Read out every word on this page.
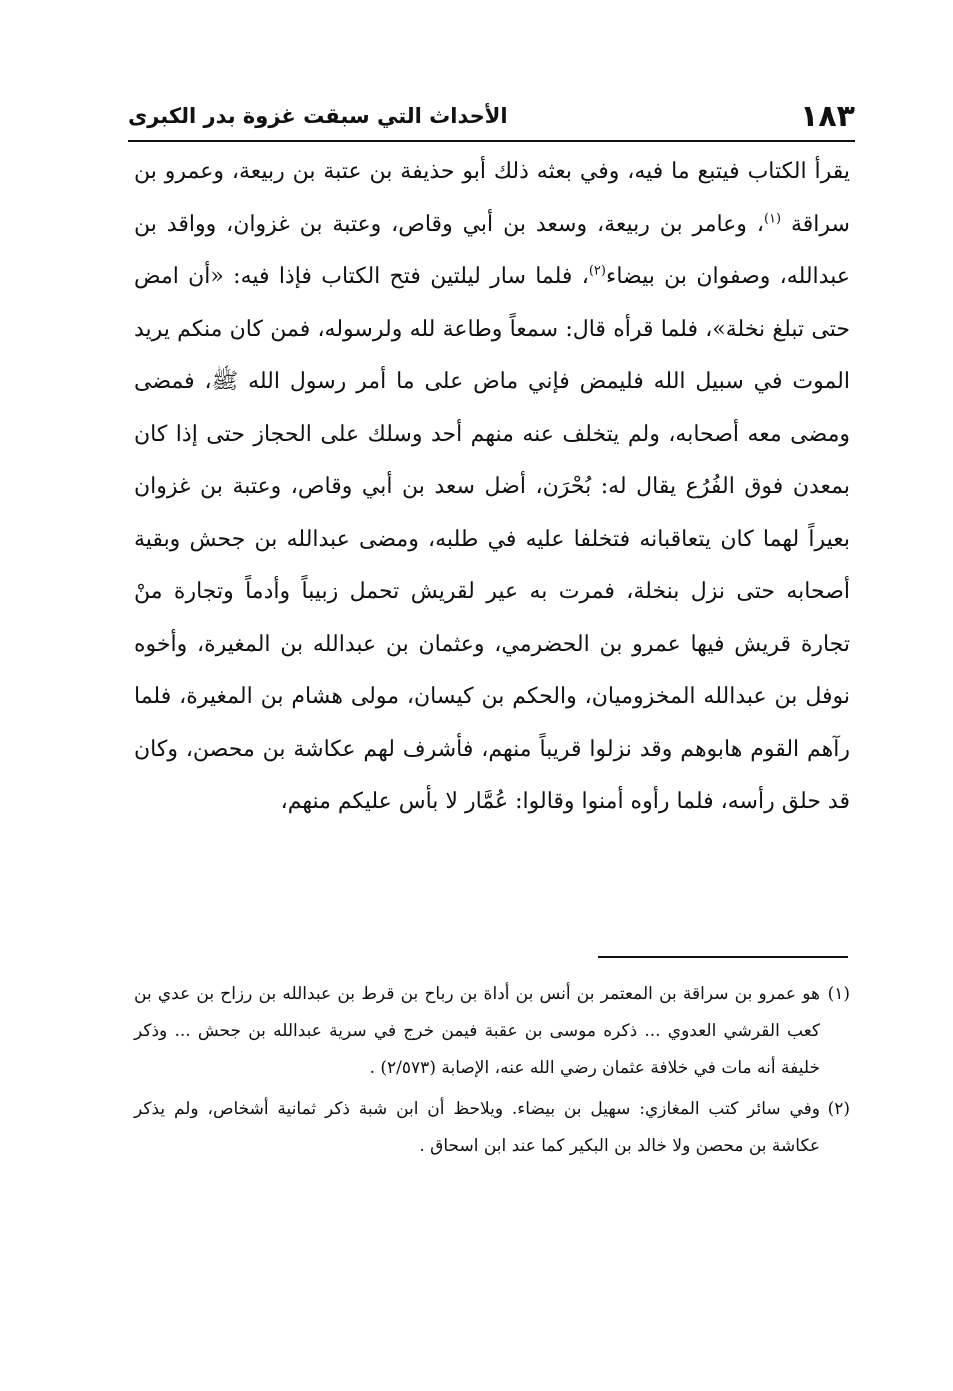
١٨٣
الأحداث التي سبقت غزوة بدر الكبرى

يقرأ الكتاب فيتبع ما فيه، وفي بعثه ذلك أبو حذيفة بن عتبة بن ربيعة، وعمرو بن سراقة $^{(١)}$، وعامر بن ربيعة، وسعد بن أبي وقاص، وعتبة بن غزوان، وواقد بن عبدالله، وصفوان بن بيضاء$^{(٢)}$، فلما سار ليلتين فتح الكتاب فإذا فيه: «أن امض حتى تبلغ نخلة»، فلما قرأه قال: سمعاً وطاعة لله ولرسوله، فمن كان منكم يريد الموت في سبيل الله فليمض فإني ماض على ما أمر رسول الله ﷺ، فمضى ومضى معه أصحابه، ولم يتخلف عنه منهم أحد وسلك على الحجاز حتى إذا كان بمعدن فوق الفُرُع يقال له: بُحْرَن، أضل سعد بن أبي وقاص، وعتبة بن غزوان بعيراً لهما كان يتعاقبانه فتخلفا عليه في طلبه، ومضى عبدالله بن جحش وبقية أصحابه حتى نزل بنخلة، فمرت به عير لقريش تحمل زبيباً وأدماً وتجارة منْ تجارة قريش فيها عمرو بن الحضرمي، وعثمان بن عبدالله بن المغيرة، وأخوه نوفل بن عبدالله المخزوميان، والحكم بن كيسان، مولى هشام بن المغيرة، فلما رآهم القوم هابوهم وقد نزلوا قريباً منهم، فأشرف لهم عكاشة بن محصن، وكان قد حلق رأسه، فلما رأوه أمنوا وقالوا: عُمَّار لا بأس عليكم منهم،

(١)هو عمرو بن سراقة بن المعتمر بن أنس بن أداة بن رباح بن قرط بن عبدالله بن رزاح بن عدي بن كعب القرشي العدوي ... ذكره موسى بن عقبة فيمن خرج في سرية عبدالله بن جحش ... وذكر خليفة أنه مات في خلافة عثمان رضي الله عنه، الإصابة (٢/٥٧٣) .

(٢)وفي سائر كتب المغازي: سهيل بن بيضاء. ويلاحظ أن ابن شبة ذكر ثمانية أشخاص، ولم يذكر عكاشة بن محصن ولا خالد بن البكير كما عند ابن اسحاق .
